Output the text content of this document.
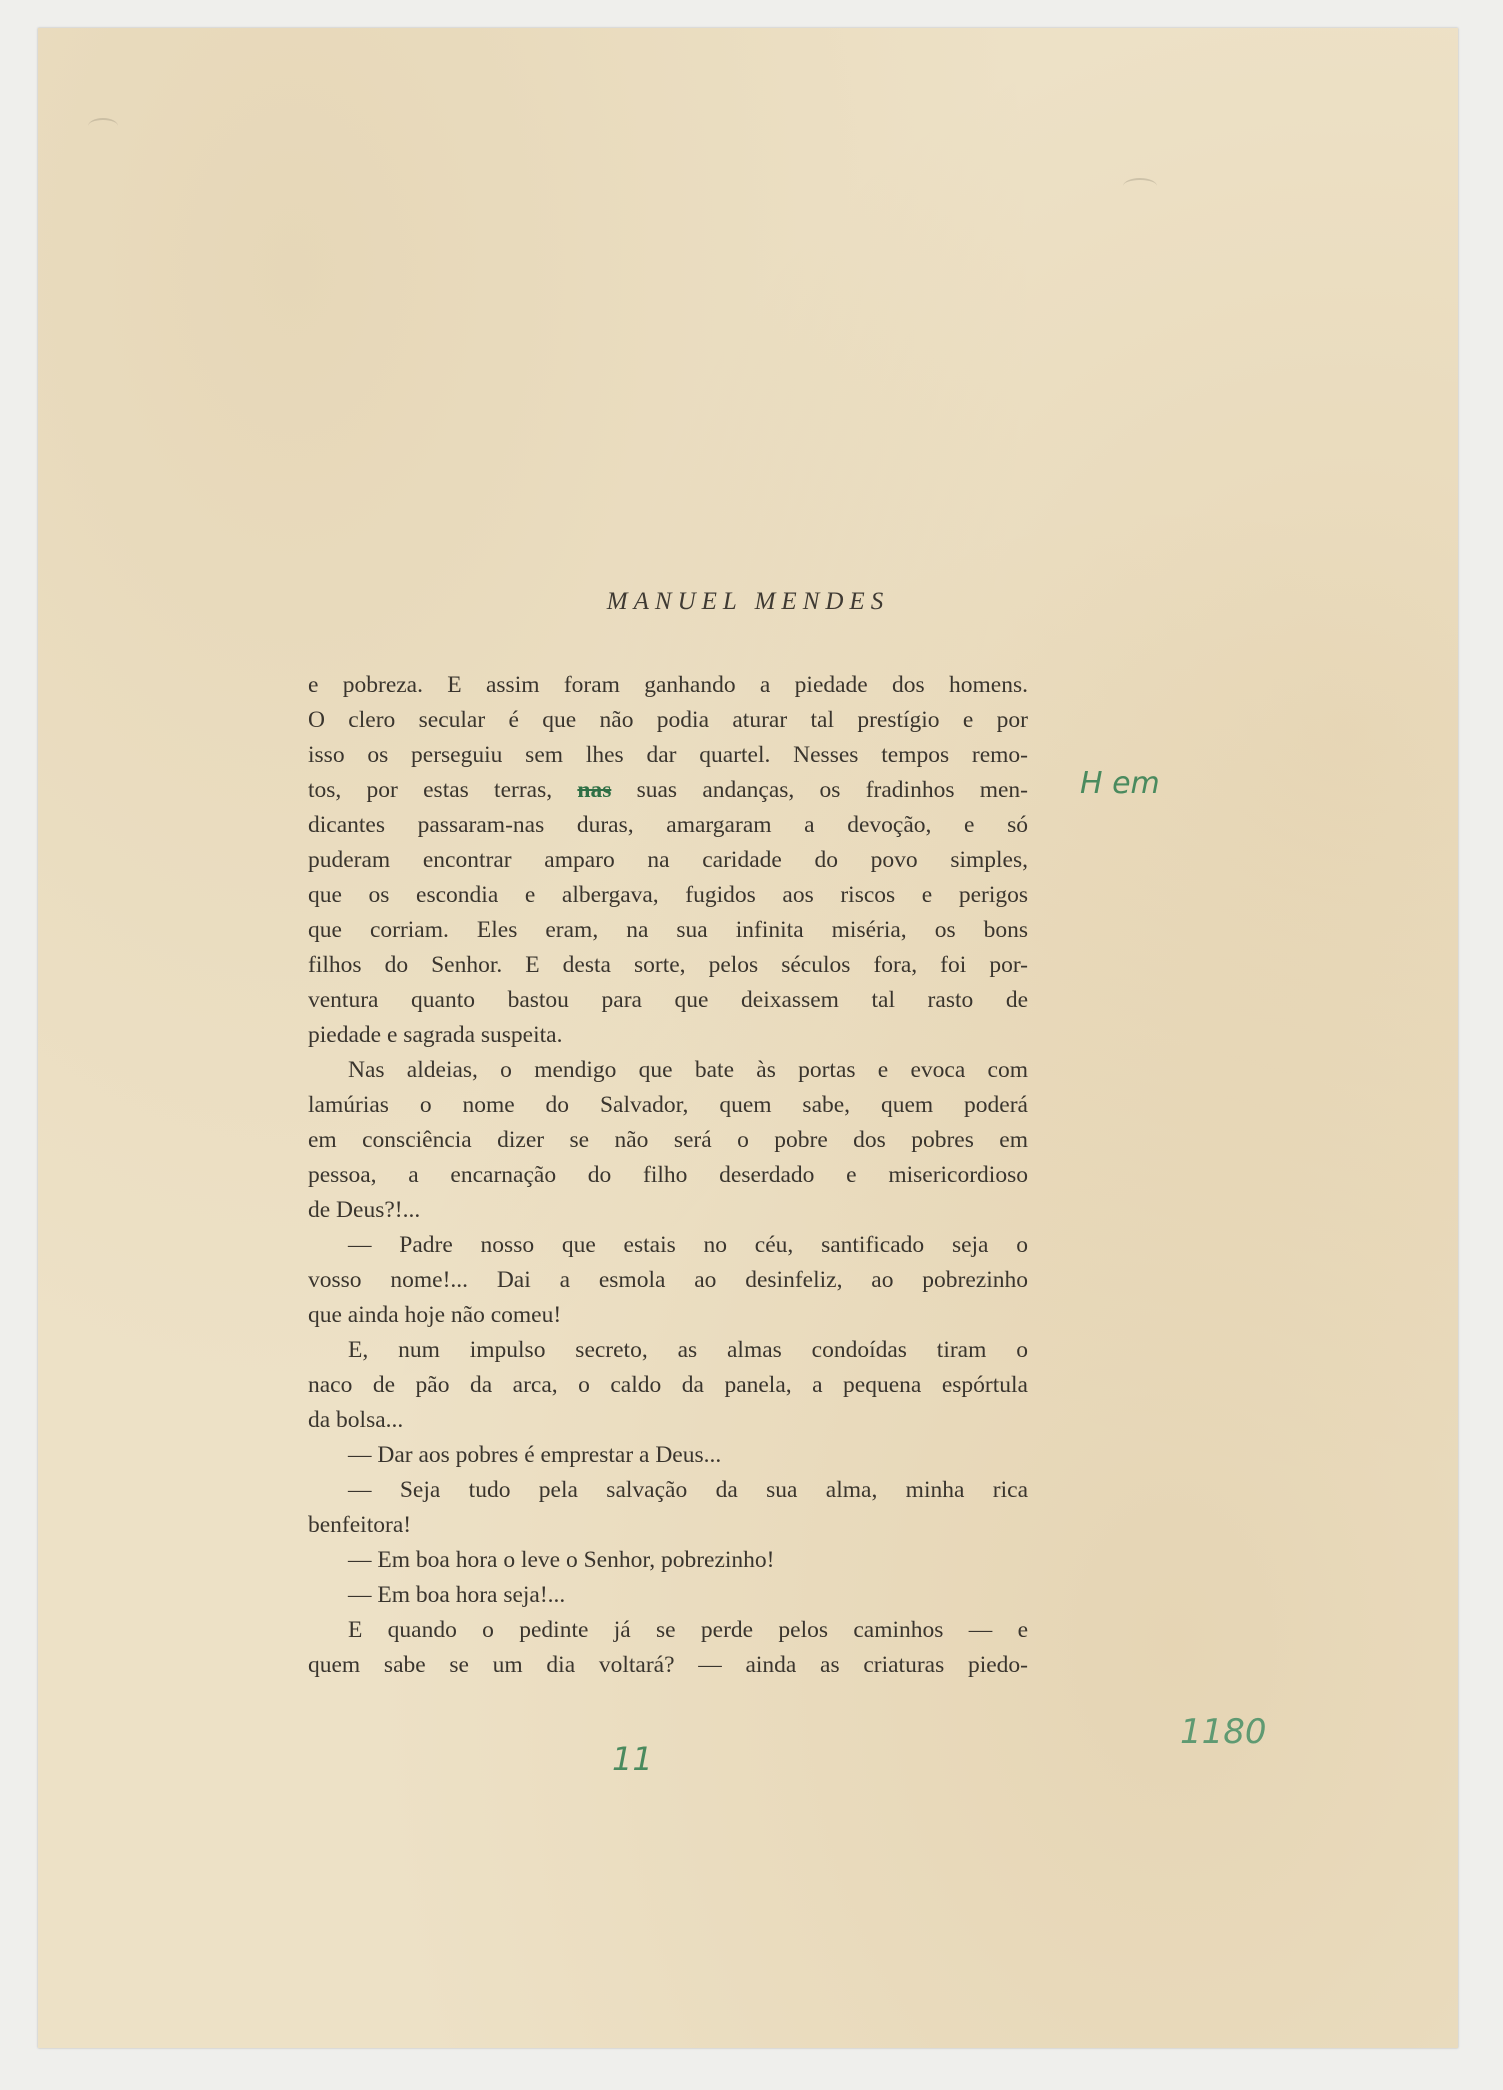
MANUEL MENDES
e pobreza. E assim foram ganhando a piedade dos homens.
O clero secular é que não podia aturar tal prestígio e por
isso os perseguiu sem lhes dar quartel. Nesses tempos remo-
tos, por estas terras, nas suas andanças, os fradinhos men-
dicantes passaram-nas duras, amargaram a devoção, e só
puderam encontrar amparo na caridade do povo simples,
que os escondia e albergava, fugidos aos riscos e perigos
que corriam. Eles eram, na sua infinita miséria, os bons
filhos do Senhor. E desta sorte, pelos séculos fora, foi por-
ventura quanto bastou para que deixassem tal rasto de
piedade e sagrada suspeita.
Nas aldeias, o mendigo que bate às portas e evoca com
lamúrias o nome do Salvador, quem sabe, quem poderá
em consciência dizer se não será o pobre dos pobres em
pessoa, a encarnação do filho deserdado e misericordioso
de Deus?!...
— Padre nosso que estais no céu, santificado seja o
vosso nome!... Dai a esmola ao desinfeliz, ao pobrezinho
que ainda hoje não comeu!
E, num impulso secreto, as almas condoídas tiram o
naco de pão da arca, o caldo da panela, a pequena espórtula
da bolsa...
— Dar aos pobres é emprestar a Deus...
— Seja tudo pela salvação da sua alma, minha rica
benfeitora!
— Em boa hora o leve o Senhor, pobrezinho!
— Em boa hora seja!...
E quando o pedinte já se perde pelos caminhos — e
quem sabe se um dia voltará? — ainda as criaturas piedo-
H em
1180
11
